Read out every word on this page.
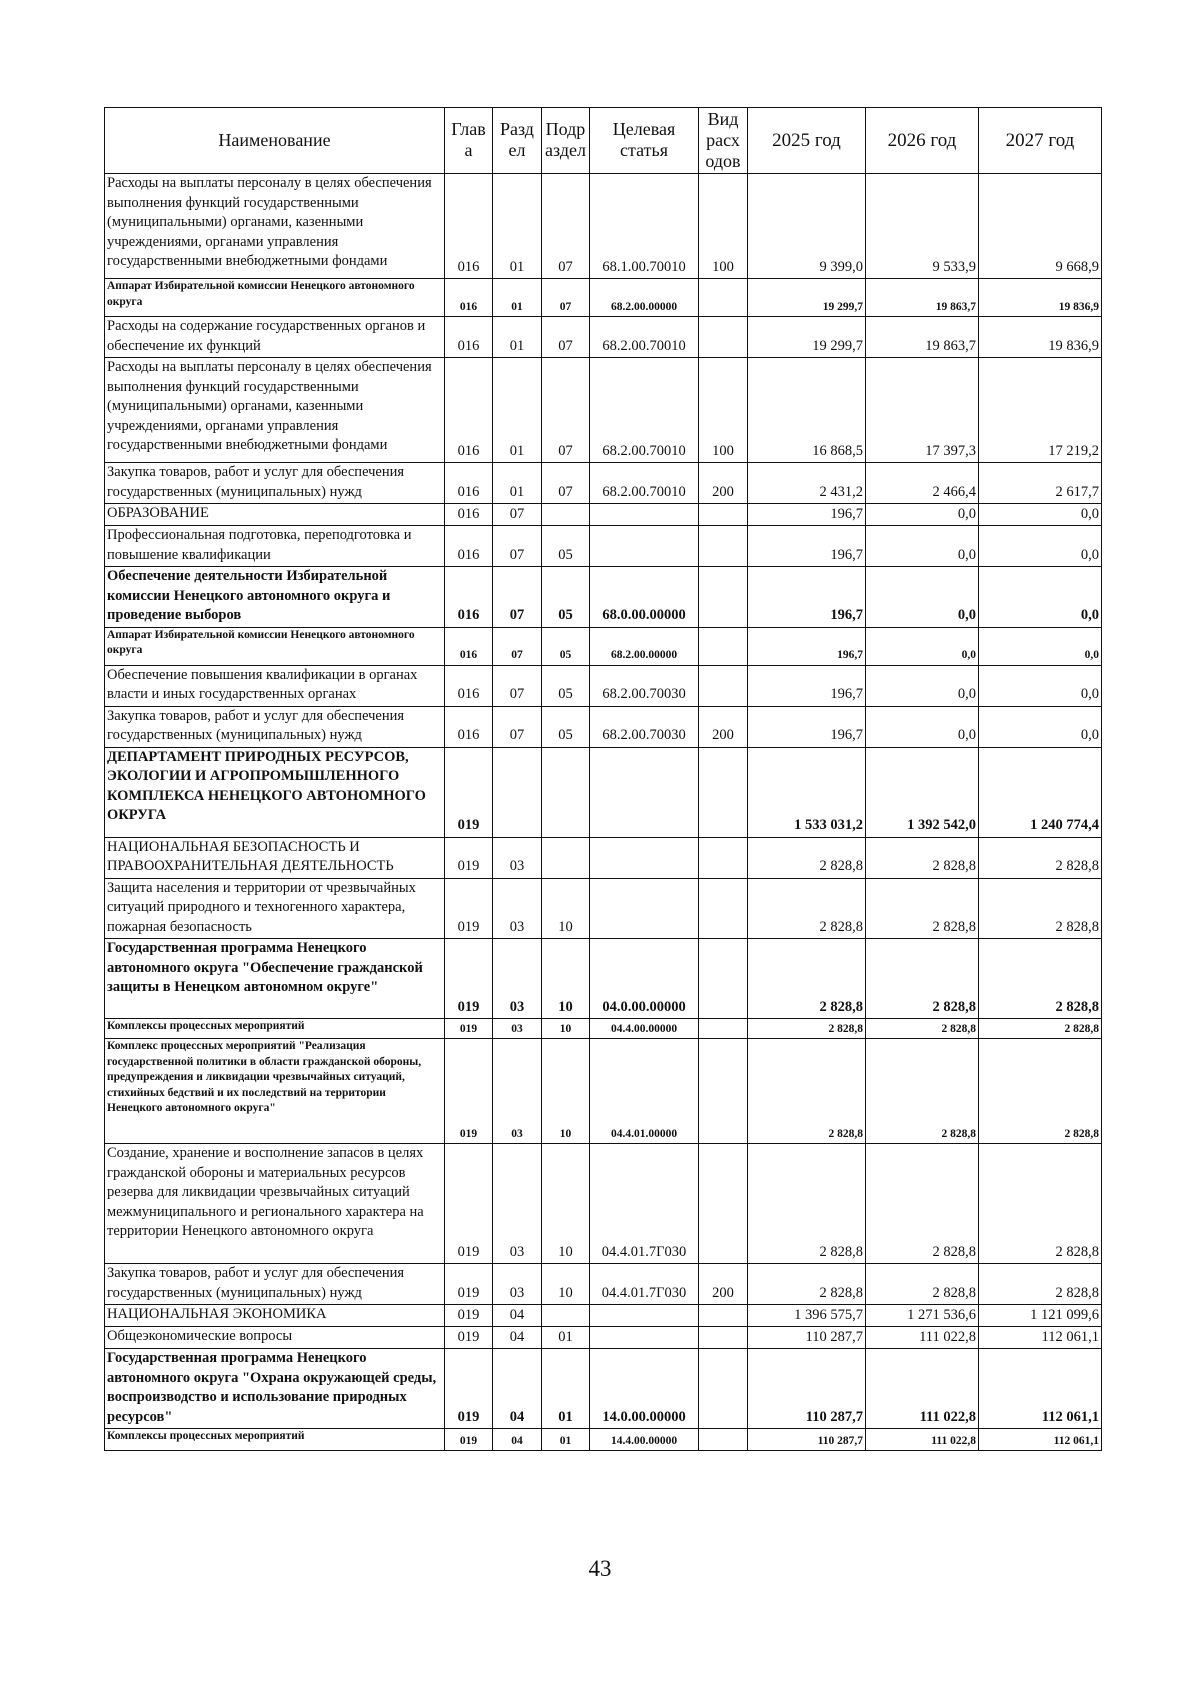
Наименование	Глав а	Разд ел	Подр аздел	Целевая статья	Вид расх одов	2025 год	2026 год	2027 год
Расходы на выплаты персоналу в целях обеспечения выполнения функций государственными (муниципальными) органами, казенными учреждениями, органами управления государственными внебюджетными фондами	016	01	07	68.1.00.70010	100	9 399,0	9 533,9	9 668,9
Аппарат Избирательной комиссии Ненецкого автономного округа	016	01	07	68.2.00.00000		19 299,7	19 863,7	19 836,9
Расходы на содержание государственных органов и обеспечение их функций	016	01	07	68.2.00.70010		19 299,7	19 863,7	19 836,9
Расходы на выплаты персоналу в целях обеспечения выполнения функций государственными (муниципальными) органами, казенными учреждениями, органами управления государственными внебюджетными фондами	016	01	07	68.2.00.70010	100	16 868,5	17 397,3	17 219,2
Закупка товаров, работ и услуг для обеспечения государственных (муниципальных) нужд	016	01	07	68.2.00.70010	200	2 431,2	2 466,4	2 617,7
ОБРАЗОВАНИЕ	016	07				196,7	0,0	0,0
Профессиональная подготовка, переподготовка и повышение квалификации	016	07	05			196,7	0,0	0,0
Обеспечение деятельности Избирательной комиссии Ненецкого автономного округа и проведение выборов	016	07	05	68.0.00.00000		196,7	0,0	0,0
Аппарат Избирательной комиссии Ненецкого автономного округа	016	07	05	68.2.00.00000		196,7	0,0	0,0
Обеспечение повышения квалификации в органах власти и иных государственных органах	016	07	05	68.2.00.70030		196,7	0,0	0,0
Закупка товаров, работ и услуг для обеспечения государственных (муниципальных) нужд	016	07	05	68.2.00.70030	200	196,7	0,0	0,0
ДЕПАРТАМЕНТ ПРИРОДНЫХ РЕСУРСОВ, ЭКОЛОГИИ И АГРОПРОМЫШЛЕННОГО КОМПЛЕКСА НЕНЕЦКОГО АВТОНОМНОГО ОКРУГА	019					1 533 031,2	1 392 542,0	1 240 774,4
НАЦИОНАЛЬНАЯ БЕЗОПАСНОСТЬ И ПРАВООХРАНИТЕЛЬНАЯ ДЕЯТЕЛЬНОСТЬ	019	03				2 828,8	2 828,8	2 828,8
Защита населения и территории от чрезвычайных ситуаций природного и техногенного характера, пожарная безопасность	019	03	10			2 828,8	2 828,8	2 828,8
Государственная программа Ненецкого автономного округа "Обеспечение гражданской защиты в Ненецком автономном округе"	019	03	10	04.0.00.00000		2 828,8	2 828,8	2 828,8
Комплексы процессных мероприятий	019	03	10	04.4.00.00000		2 828,8	2 828,8	2 828,8
Комплекс процессных мероприятий "Реализация государственной политики в области гражданской обороны, предупреждения и ликвидации чрезвычайных ситуаций, стихийных бедствий и их последствий на территории Ненецкого автономного округа"	019	03	10	04.4.01.00000		2 828,8	2 828,8	2 828,8
Создание, хранение и восполнение запасов в целях гражданской обороны и материальных ресурсов резерва для ликвидации чрезвычайных ситуаций межмуниципального и регионального характера на территории Ненецкого автономного округа	019	03	10	04.4.01.7Г030		2 828,8	2 828,8	2 828,8
Закупка товаров, работ и услуг для обеспечения государственных (муниципальных) нужд	019	03	10	04.4.01.7Г030	200	2 828,8	2 828,8	2 828,8
НАЦИОНАЛЬНАЯ ЭКОНОМИКА	019	04				1 396 575,7	1 271 536,6	1 121 099,6
Общеэкономические вопросы	019	04	01			110 287,7	111 022,8	112 061,1
Государственная программа Ненецкого автономного округа "Охрана окружающей среды, воспроизводство и использование природных ресурсов"	019	04	01	14.0.00.00000		110 287,7	111 022,8	112 061,1
Комплексы процессных мероприятий	019	04	01	14.4.00.00000		110 287,7	111 022,8	112 061,1
43
